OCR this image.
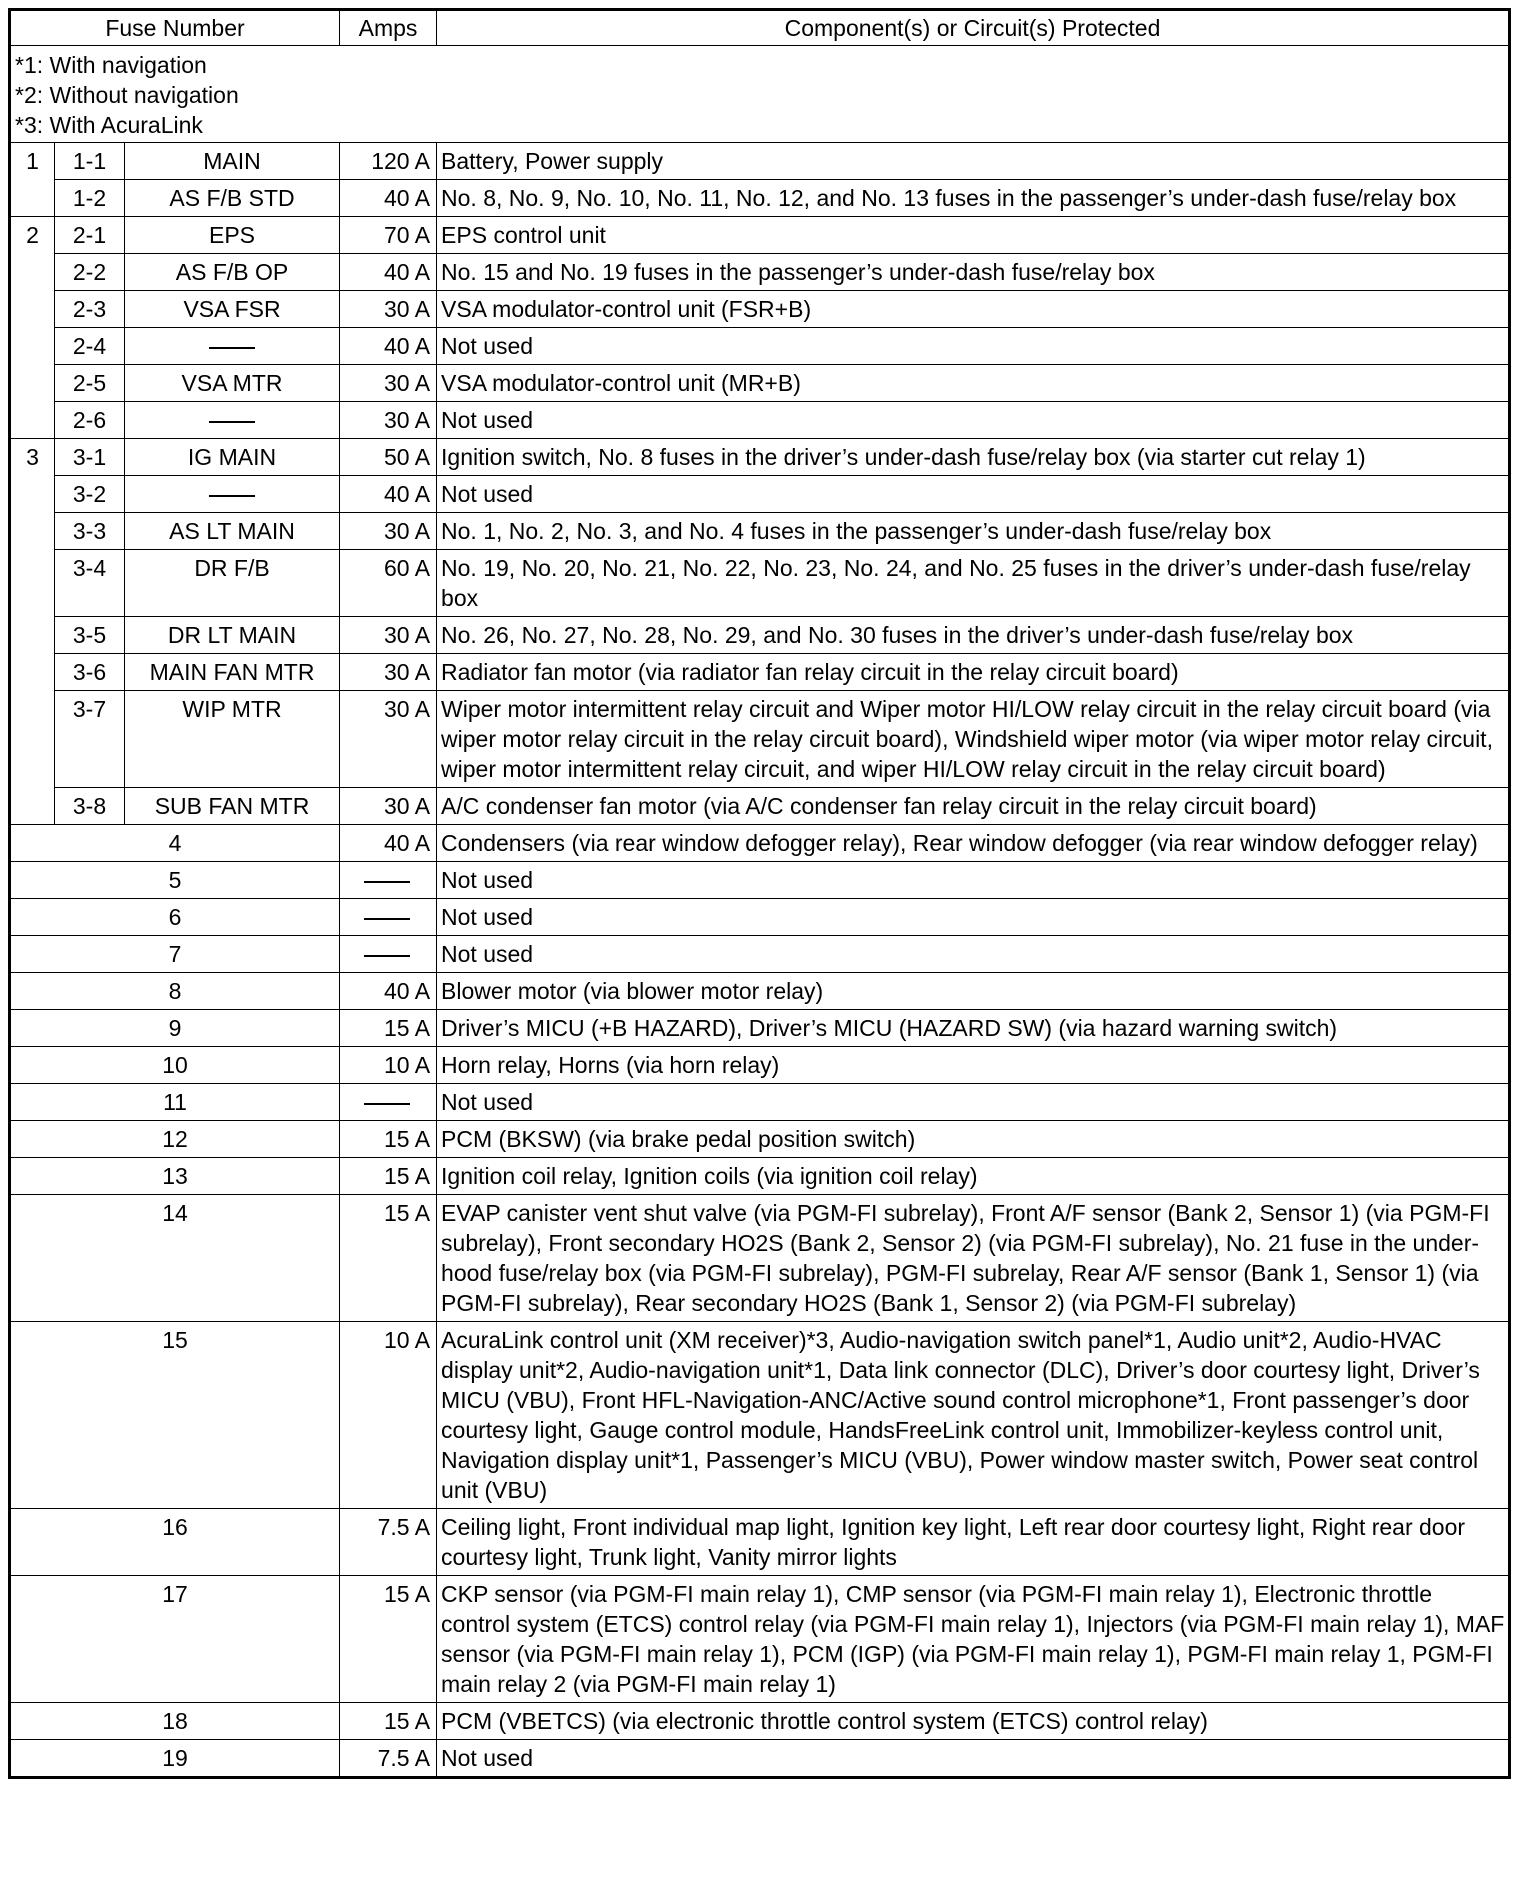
Fuse Number			Amps	Component(s) or Circuit(s) Protected

*1: With navigation
*2: Without navigation
*3: With AcuraLink				

1	1-1	MAIN	120 A	Battery, Power supply
	1-2	AS F/B STD	40 A	No. 8, No. 9, No. 10, No. 11, No. 12, and No. 13 fuses in the passenger’s under-dash fuse/relay box
2	2-1	EPS	70 A	EPS control unit
	2-2	AS F/B OP	40 A	No. 15 and No. 19 fuses in the passenger’s under-dash fuse/relay box
	2-3	VSA FSR	30 A	VSA modulator-control unit (FSR+B)
	2-4		40 A	Not used
	2-5	VSA MTR	30 A	VSA modulator-control unit (MR+B)
	2-6		30 A	Not used
3	3-1	IG MAIN	50 A	Ignition switch, No. 8 fuses in the driver’s under-dash fuse/relay box (via starter cut relay 1)
	3-2		40 A	Not used
	3-3	AS LT MAIN	30 A	No. 1, No. 2, No. 3, and No. 4 fuses in the passenger’s under-dash fuse/relay box
	3-4	DR F/B	60 A	No. 19, No. 20, No. 21, No. 22, No. 23, No. 24, and No. 25 fuses in the driver’s under-dash fuse/relay box
	3-5	DR LT MAIN	30 A	No. 26, No. 27, No. 28, No. 29, and No. 30 fuses in the driver’s under-dash fuse/relay box
	3-6	MAIN FAN MTR	30 A	Radiator fan motor (via radiator fan relay circuit in the relay circuit board)
	3-7	WIP MTR	30 A	Wiper motor intermittent relay circuit and Wiper motor HI/LOW relay circuit in the relay circuit board (via wiper motor relay circuit in the relay circuit board), Windshield wiper motor (via wiper motor relay circuit, wiper motor intermittent relay circuit, and wiper HI/LOW relay circuit in the relay circuit board)
	3-8	SUB FAN MTR	30 A	A/C condenser fan motor (via A/C condenser fan relay circuit in the relay circuit board)
4			40 A	Condensers (via rear window defogger relay), Rear window defogger (via rear window defogger relay)
5				Not used
6				Not used
7				Not used
8			40 A	Blower motor (via blower motor relay)
9			15 A	Driver’s MICU (+B HAZARD), Driver’s MICU (HAZARD SW) (via hazard warning switch)
10			10 A	Horn relay, Horns (via horn relay)
11				Not used
12			15 A	PCM (BKSW) (via brake pedal position switch)
13			15 A	Ignition coil relay, Ignition coils (via ignition coil relay)
14			15 A	EVAP canister vent shut valve (via PGM-FI subrelay), Front A/F sensor (Bank 2, Sensor 1) (via PGM-FI subrelay), Front secondary HO2S (Bank 2, Sensor 2) (via PGM-FI subrelay), No. 21 fuse in the under-hood fuse/relay box (via PGM-FI subrelay), PGM-FI subrelay, Rear A/F sensor (Bank 1, Sensor 1) (via PGM-FI subrelay), Rear secondary HO2S (Bank 1, Sensor 2) (via PGM-FI subrelay)
15			10 A	AcuraLink control unit (XM receiver)*3, Audio-navigation switch panel*1, Audio unit*2, Audio-HVAC display unit*2, Audio-navigation unit*1, Data link connector (DLC), Driver’s door courtesy light, Driver’s MICU (VBU), Front HFL-Navigation-ANC/Active sound control microphone*1, Front passenger’s door courtesy light, Gauge control module, HandsFreeLink control unit, Immobilizer-keyless control unit, Navigation display unit*1, Passenger’s MICU (VBU), Power window master switch, Power seat control unit (VBU)
16			7.5 A	Ceiling light, Front individual map light, Ignition key light, Left rear door courtesy light, Right rear door courtesy light, Trunk light, Vanity mirror lights
17			15 A	CKP sensor (via PGM-FI main relay 1), CMP sensor (via PGM-FI main relay 1), Electronic throttle control system (ETCS) control relay (via PGM-FI main relay 1), Injectors (via PGM-FI main relay 1), MAF sensor (via PGM-FI main relay 1), PCM (IGP) (via PGM-FI main relay 1), PGM-FI main relay 1, PGM-FI main relay 2 (via PGM-FI main relay 1)
18			15 A	PCM (VBETCS) (via electronic throttle control system (ETCS) control relay)
19			7.5 A	Not used
